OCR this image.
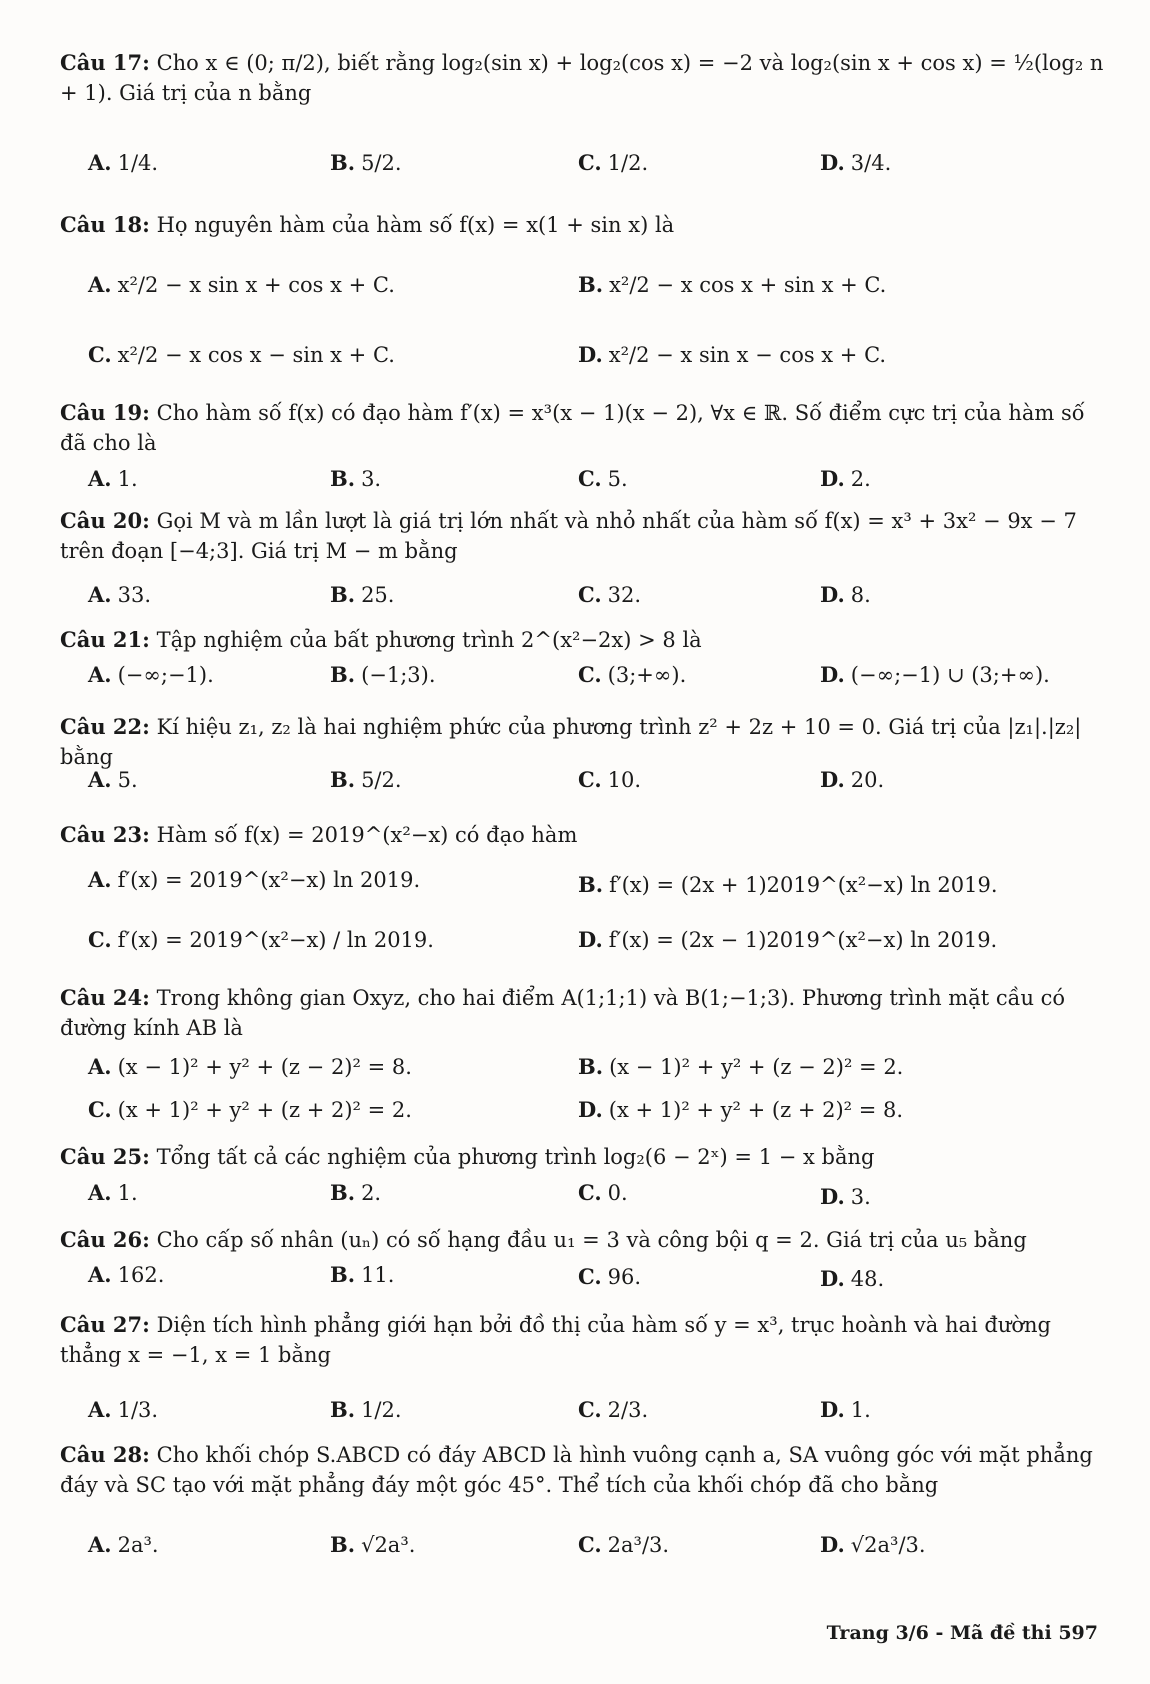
Câu 17: Cho x ∈ (0; π/2), biết rằng log₂(sin x) + log₂(cos x) = −2 và log₂(sin x + cos x) = ½(log₂ n + 1). Giá trị của n bằng
A. 1/4.	B. 5/2.	C. 1/2.	D. 3/4.
Câu 18: Họ nguyên hàm của hàm số f(x) = x(1 + sin x) là
A. x²/2 − x sin x + cos x + C.	B. x²/2 − x cos x + sin x + C.
C. x²/2 − x cos x − sin x + C.	D. x²/2 − x sin x − cos x + C.
Câu 19: Cho hàm số f(x) có đạo hàm f′(x) = x³(x − 1)(x − 2), ∀x ∈ ℝ. Số điểm cực trị của hàm số đã cho là
A. 1.	B. 3.	C. 5.	D. 2.
Câu 20: Gọi M và m lần lượt là giá trị lớn nhất và nhỏ nhất của hàm số f(x) = x³ + 3x² − 9x − 7 trên đoạn [−4;3]. Giá trị M − m bằng
A. 33.	B. 25.	C. 32.	D. 8.
Câu 21: Tập nghiệm của bất phương trình 2^(x²−2x) > 8 là
A. (−∞;−1).	B. (−1;3).	C. (3;+∞).	D. (−∞;−1) ∪ (3;+∞).
Câu 22: Kí hiệu z₁, z₂ là hai nghiệm phức của phương trình z² + 2z + 10 = 0. Giá trị của |z₁|.|z₂| bằng
A. 5.	B. 5/2.	C. 10.	D. 20.
Câu 23: Hàm số f(x) = 2019^(x²−x) có đạo hàm
A. f′(x) = 2019^(x²−x) ln 2019.	B. f′(x) = (2x + 1)2019^(x²−x) ln 2019.
C. f′(x) = 2019^(x²−x) / ln 2019.	D. f′(x) = (2x − 1)2019^(x²−x) ln 2019.
Câu 24: Trong không gian Oxyz, cho hai điểm A(1;1;1) và B(1;−1;3). Phương trình mặt cầu có đường kính AB là
A. (x − 1)² + y² + (z − 2)² = 8.	B. (x − 1)² + y² + (z − 2)² = 2.
C. (x + 1)² + y² + (z + 2)² = 2.	D. (x + 1)² + y² + (z + 2)² = 8.
Câu 25: Tổng tất cả các nghiệm của phương trình log₂(6 − 2ˣ) = 1 − x bằng
A. 1.	B. 2.	C. 0.	D. 3.
Câu 26: Cho cấp số nhân (uₙ) có số hạng đầu u₁ = 3 và công bội q = 2. Giá trị của u₅ bằng
A. 162.	B. 11.	C. 96.	D. 48.
Câu 27: Diện tích hình phẳng giới hạn bởi đồ thị của hàm số y = x³, trục hoành và hai đường thẳng x = −1, x = 1 bằng
A. 1/3.	B. 1/2.	C. 2/3.	D. 1.
Câu 28: Cho khối chóp S.ABCD có đáy ABCD là hình vuông cạnh a, SA vuông góc với mặt phẳng đáy và SC tạo với mặt phẳng đáy một góc 45°. Thể tích của khối chóp đã cho bằng
A. 2a³.	B. √2a³.	C. 2a³/3.	D. √2a³/3.
Trang 3/6 - Mã đề thi 597
